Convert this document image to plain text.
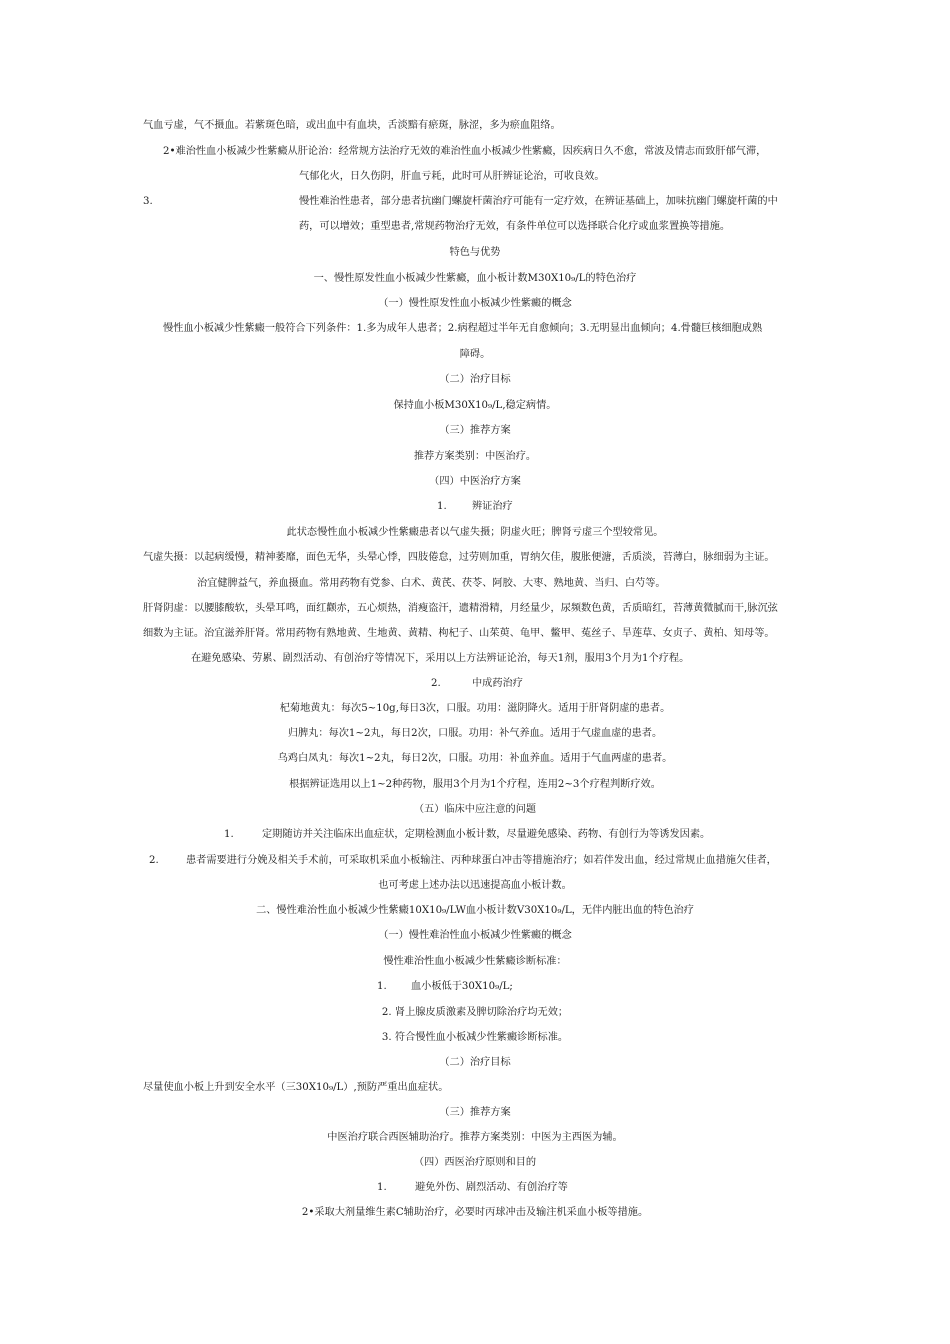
气血亏虚，气不摄血。若紫斑色暗，或出血中有血块，舌淡黯有瘀斑，脉涩，多为瘀血阻络。
2•难治性血小板减少性紫癜从肝论治：经常规方法治疗无效的难治性血小板减少性紫癜，因疾病日久不愈，常波及情志而致肝郁气滞，
气郁化火，日久伤阴，肝血亏耗，此时可从肝辨证论治，可收良效。
3.	慢性难治性患者，部分患者抗幽门螺旋杆菌治疗可能有一定疗效，在辨证基础上，加味抗幽门螺旋杆菌的中
药，可以增效；重型患者,常规药物治疗无效，有条件单位可以选择联合化疗或血浆置换等措施。
特色与优势
一、慢性原发性血小板减少性紫癜，血小板计数M30X10₉/L的特色治疗
（一）慢性原发性血小板减少性紫癜的概念
慢性血小板减少性紫癜一般符合下列条件：1.多为成年人患者；2.病程超过半年无自愈倾向；3.无明显出血倾向；4.骨髓巨核细胞成熟
障碍。
（二）治疗目标
保持血小板M30X10₉/L,稳定病情。
（三）推荐方案
推荐方案类别：中医治疗。
（四）中医治疗方案
1. 辨证治疗
此状态慢性血小板减少性紫癜患者以气虚失摄；阴虚火旺；脾肾亏虚三个型较常见。
气虚失摄：以起病缓慢，精神萎靡，面色无华，头晕心悸，四肢倦怠，过劳则加重，胃纳欠佳，腹胀便溏，舌质淡，苔薄白，脉细弱为主证。
治宜健脾益气，养血摄血。常用药物有党参、白术、黄芪、茯苓、阿胶、大枣、熟地黄、当归、白芍等。
肝肾阴虚：以腰膝酸软，头晕耳鸣，面红颧赤，五心烦热，消瘦盗汗，遗精滑精，月经量少，尿频数色黄，舌质暗红，苔薄黄微腻而干,脉沉弦
细数为主证。治宜滋养肝肾。常用药物有熟地黄、生地黄、黄精、枸杞子、山茱萸、龟甲、鳖甲、菟丝子、旱莲草、女贞子、黄柏、知母等。
在避免感染、劳累、剧烈活动、有创治疗等情况下，采用以上方法辨证论治，每天1剂，服用3个月为1个疗程。
2.	中成药治疗
杞菊地黄丸：每次5~10g,每日3次，口服。功用：滋阴降火。适用于肝肾阴虚的患者。
归脾丸：每次1~2丸，每日2次，口服。功用：补气养血。适用于气虚血虚的患者。
乌鸡白凤丸：每次1~2丸，每日2次，口服。功用：补血养血。适用于气血两虚的患者。
根据辨证选用以上1~2种药物，服用3个月为1个疗程，连用2~3个疗程判断疗效。
（五）临床中应注意的问题
1.	定期随访并关注临床出血症状，定期检测血小板计数，尽量避免感染、药物、有创行为等诱发因素。
2.	患者需要进行分娩及相关手术前，可采取机采血小板输注、丙种球蛋白冲击等措施治疗；如若伴发出血，经过常规止血措施欠佳者，
也可考虑上述办法以迅速提高血小板计数。
二、慢性难治性血小板减少性紫癜10X10₉/LW血小板计数V30X10₉/L，无伴内脏出血的特色治疗
（一）慢性难治性血小板减少性紫癜的概念
慢性难治性血小板减少性紫癜诊断标准：
1. 血小板低于30X10₉/L;
2. 肾上腺皮质激素及脾切除治疗均无效；
3. 符合慢性血小板减少性紫癜诊断标准。
（二）治疗目标
尽量使血小板上升到安全水平（三30X10₉/L）,预防严重出血症状。
（三）推荐方案
中医治疗联合西医辅助治疗。推荐方案类别：中医为主西医为辅。
（四）西医治疗原则和目的
1.	避免外伤、剧烈活动、有创治疗等
2•采取大剂量维生素C辅助治疗，必要时丙球冲击及输注机采血小板等措施。
